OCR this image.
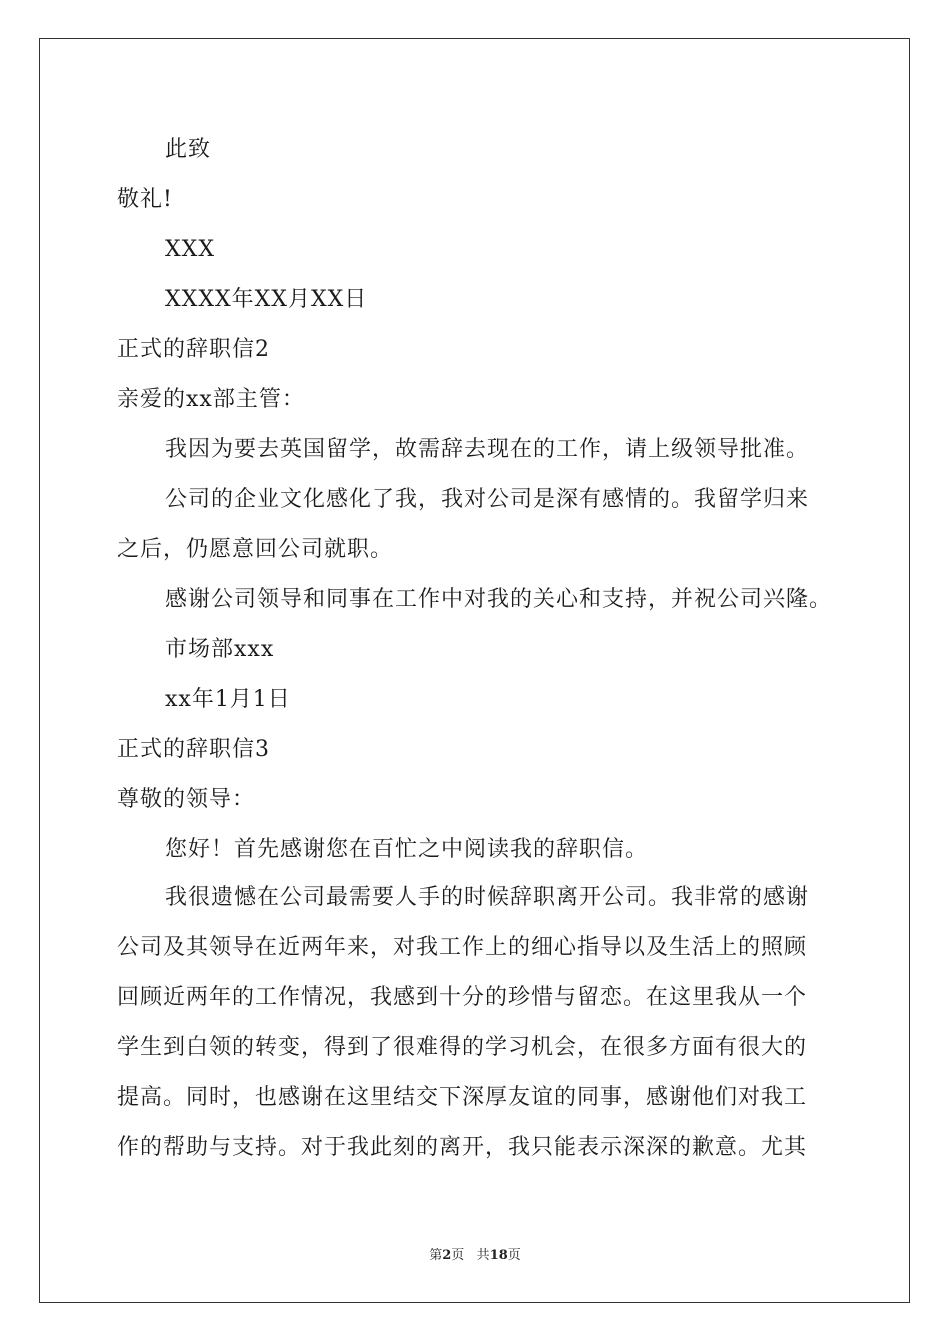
此致
敬礼!
XXX
XXXX年XX月XX日
正式的辞职信2
亲爱的xx部主管：
我因为要去英国留学，故需辞去现在的工作，请上级领导批准。
公司的企业文化感化了我，我对公司是深有感情的。我留学归来
之后，仍愿意回公司就职。
感谢公司领导和同事在工作中对我的关心和支持，并祝公司兴隆。
市场部xxx
xx年1月1日
正式的辞职信3
尊敬的领导：
您好！首先感谢您在百忙之中阅读我的辞职信。
我很遗憾在公司最需要人手的时候辞职离开公司。我非常的感谢
公司及其领导在近两年来，对我工作上的细心指导以及生活上的照顾
回顾近两年的工作情况，我感到十分的珍惜与留恋。在这里我从一个
学生到白领的转变，得到了很难得的学习机会，在很多方面有很大的
提高。同时，也感谢在这里结交下深厚友谊的同事，感谢他们对我工
作的帮助与支持。对于我此刻的离开，我只能表示深深的歉意。尤其
第2页 共18页
